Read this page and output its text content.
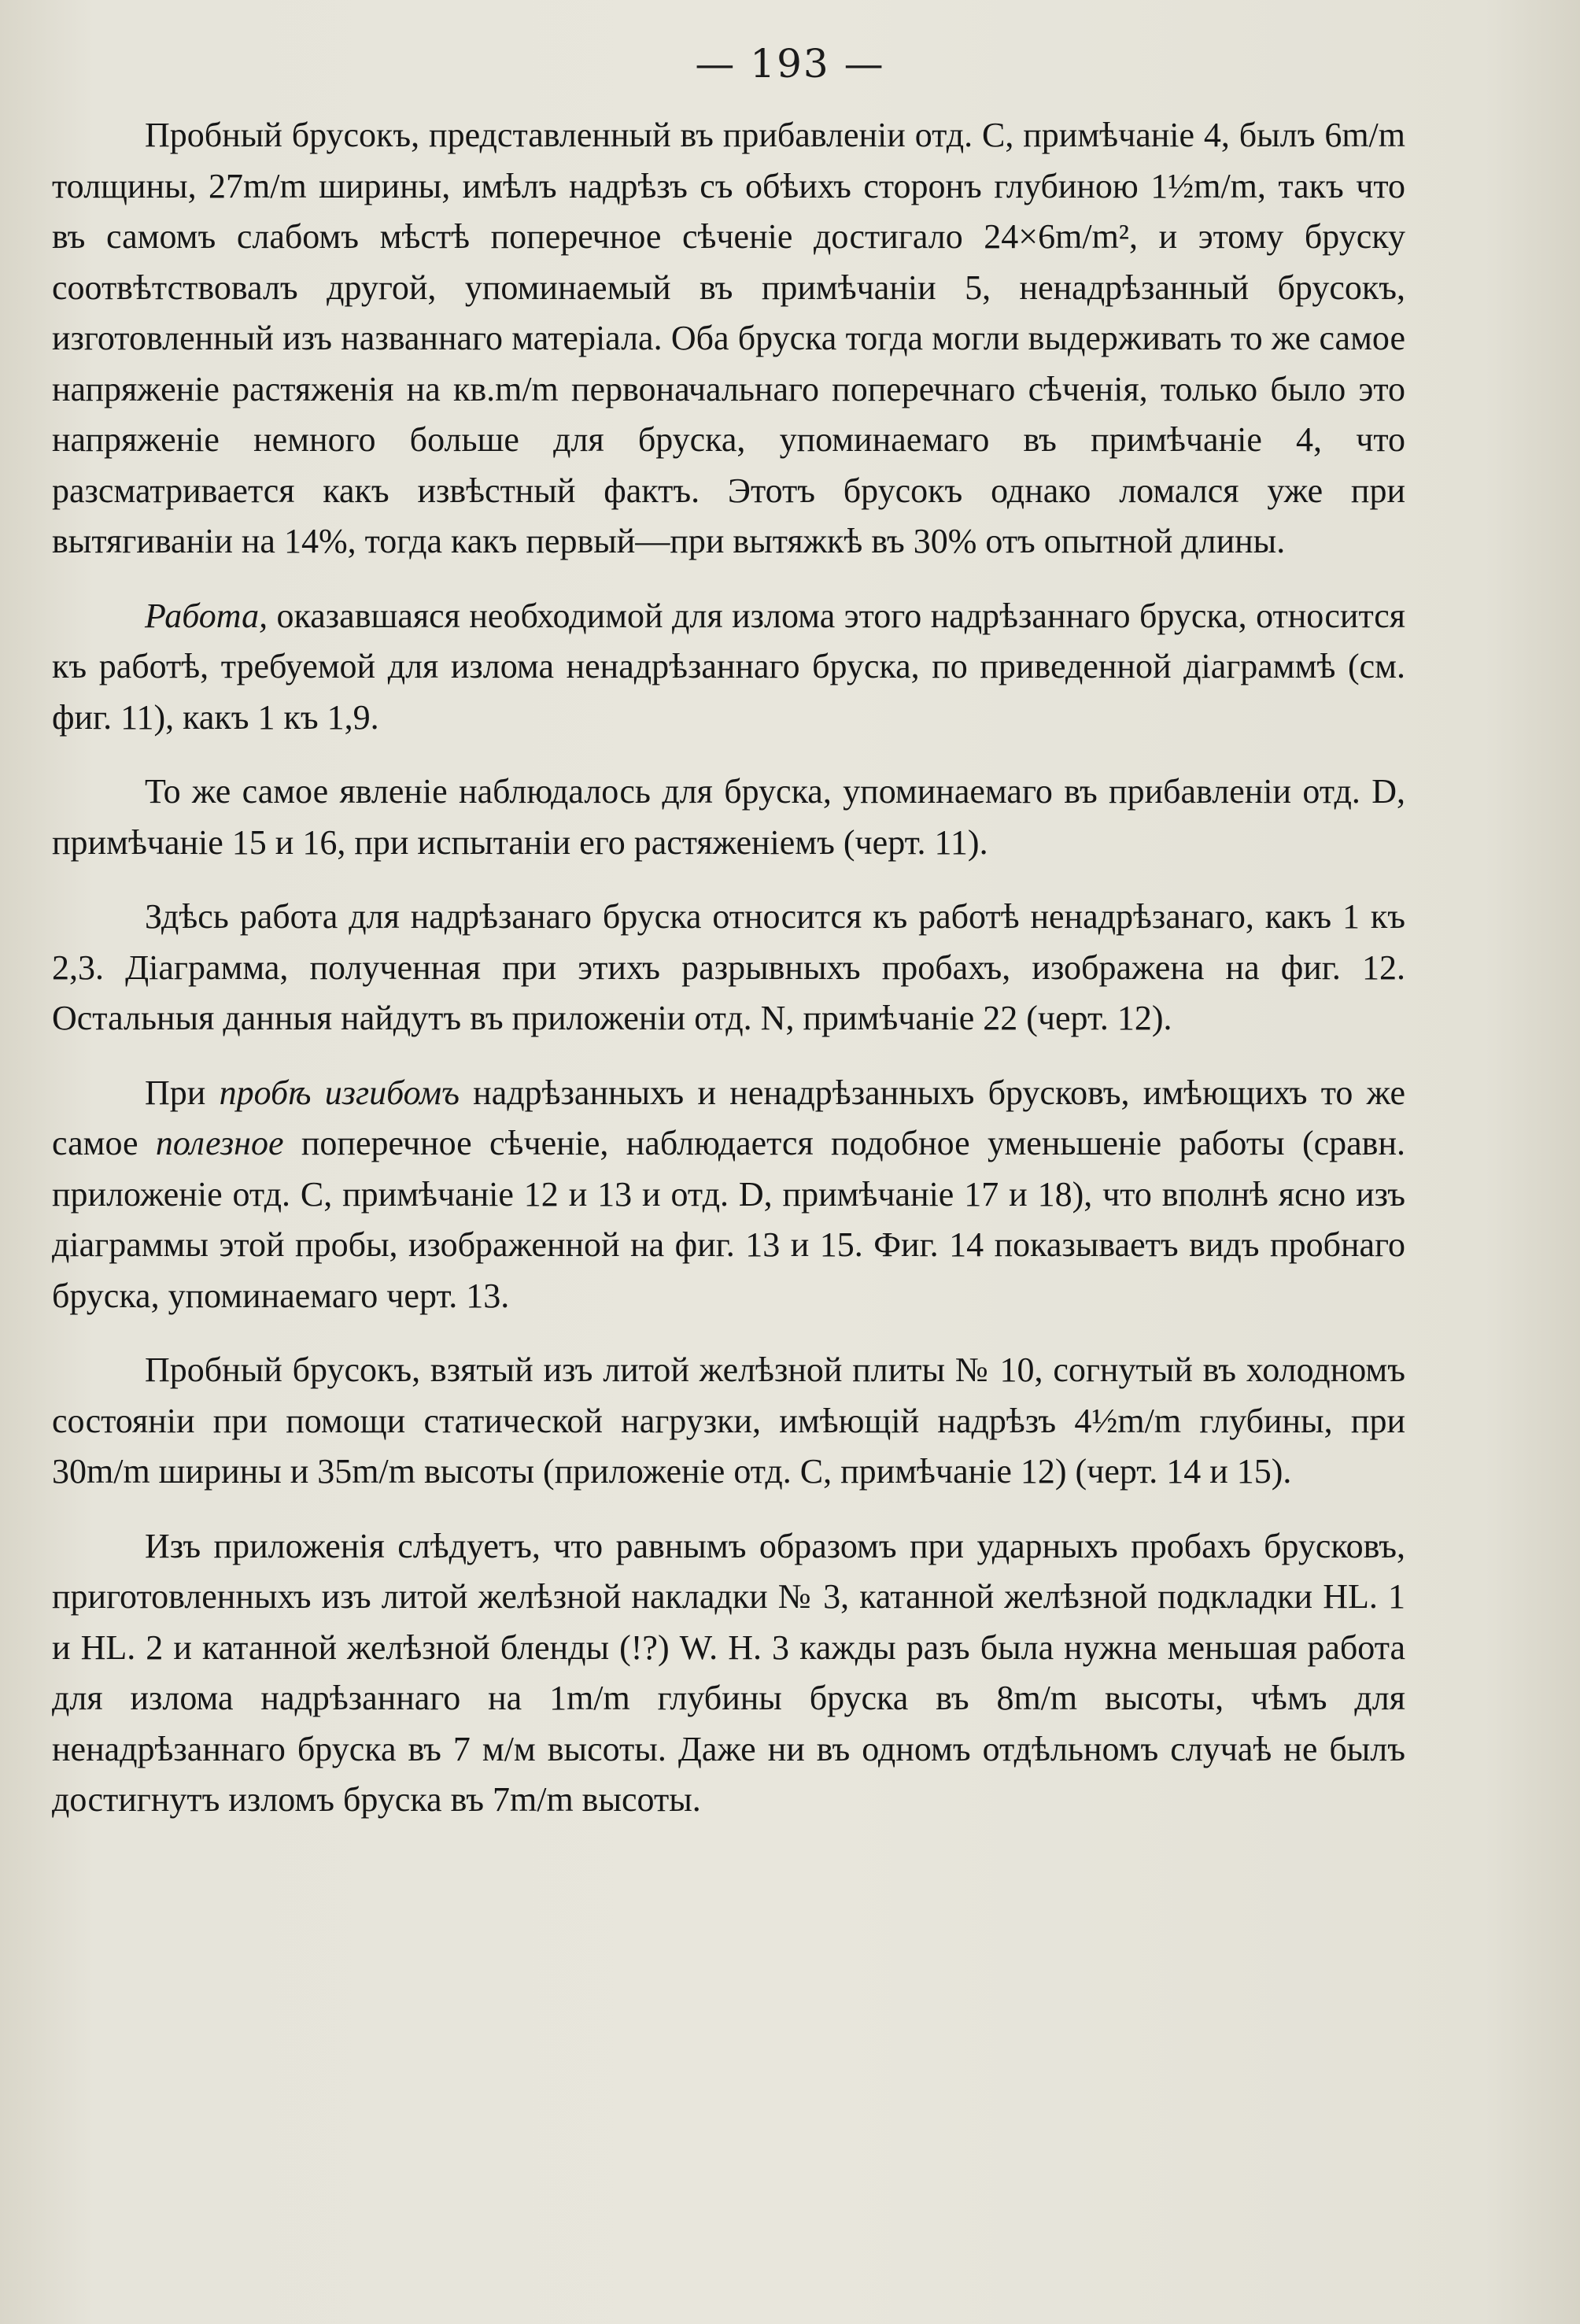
— 193 —

Пробный брусокъ, представленный въ прибавленіи отд. С, примѣчаніе 4, былъ 6m/m толщины, 27m/m ширины, имѣлъ надрѣзъ съ обѣихъ сторонъ глубиною 1½m/m, такъ что въ самомъ слабомъ мѣстѣ поперечное сѣченіе достигало 24×6m/m², и этому бруску соотвѣтствовалъ другой, упоминаемый въ примѣчаніи 5, ненадрѣзанный брусокъ, изготовленный изъ названнаго матеріала. Оба бруска тогда могли выдерживать то же самое напряженіе растяженія на кв.m/m первоначальнаго поперечнаго сѣченія, только было это напряженіе немного больше для бруска, упоминаемаго въ примѣчаніе 4, что разсматривается какъ извѣстный фактъ. Этотъ брусокъ однако ломался уже при вытягиваніи на 14%, тогда какъ первый—при вытяжкѣ въ 30% отъ опытной длины.

Работа, оказавшаяся необходимой для излома этого надрѣзаннаго бруска, относится къ работѣ, требуемой для излома ненадрѣзаннаго бруска, по приведенной діаграммѣ (см. фиг. 11), какъ 1 къ 1,9.

То же самое явленіе наблюдалось для бруска, упоминаемаго въ прибавленіи отд. D, примѣчаніе 15 и 16, при испытаніи его растяженіемъ (черт. 11).

Здѣсь работа для надрѣзанаго бруска относится къ работѣ ненадрѣзанаго, какъ 1 къ 2,3. Діаграмма, полученная при этихъ разрывныхъ пробахъ, изображена на фиг. 12. Остальныя данныя найдутъ въ приложеніи отд. N, примѣчаніе 22 (черт. 12).

При пробѣ изгибомъ надрѣзанныхъ и ненадрѣзанныхъ брусковъ, имѣющихъ то же самое полезное поперечное сѣченіе, наблюдается подобное уменьшеніе работы (сравн. приложеніе отд. С, примѣчаніе 12 и 13 и отд. D, примѣчаніе 17 и 18), что вполнѣ ясно изъ діаграммы этой пробы, изображенной на фиг. 13 и 15. Фиг. 14 показываетъ видъ пробнаго бруска, упоминаемаго черт. 13.

Пробный брусокъ, взятый изъ литой желѣзной плиты № 10, согнутый въ холодномъ состояніи при помощи статической нагрузки, имѣющій надрѣзъ 4½m/m глубины, при 30m/m ширины и 35m/m высоты (приложеніе отд. С, примѣчаніе 12) (черт. 14 и 15).

Изъ приложенія слѣдуетъ, что равнымъ образомъ при ударныхъ пробахъ брусковъ, приготовленныхъ изъ литой желѣзной накладки № 3, катанной желѣзной подкладки HL. 1 и HL. 2 и катанной желѣзной бленды (!?) W. H. 3 кажды разъ была нужна меньшая работа для излома надрѣзаннаго на 1m/m глубины бруска въ 8m/m высоты, чѣмъ для ненадрѣзаннаго бруска въ 7 м/м высоты. Даже ни въ одномъ отдѣльномъ случаѣ не былъ достигнутъ изломъ бруска въ 7m/m высоты.
